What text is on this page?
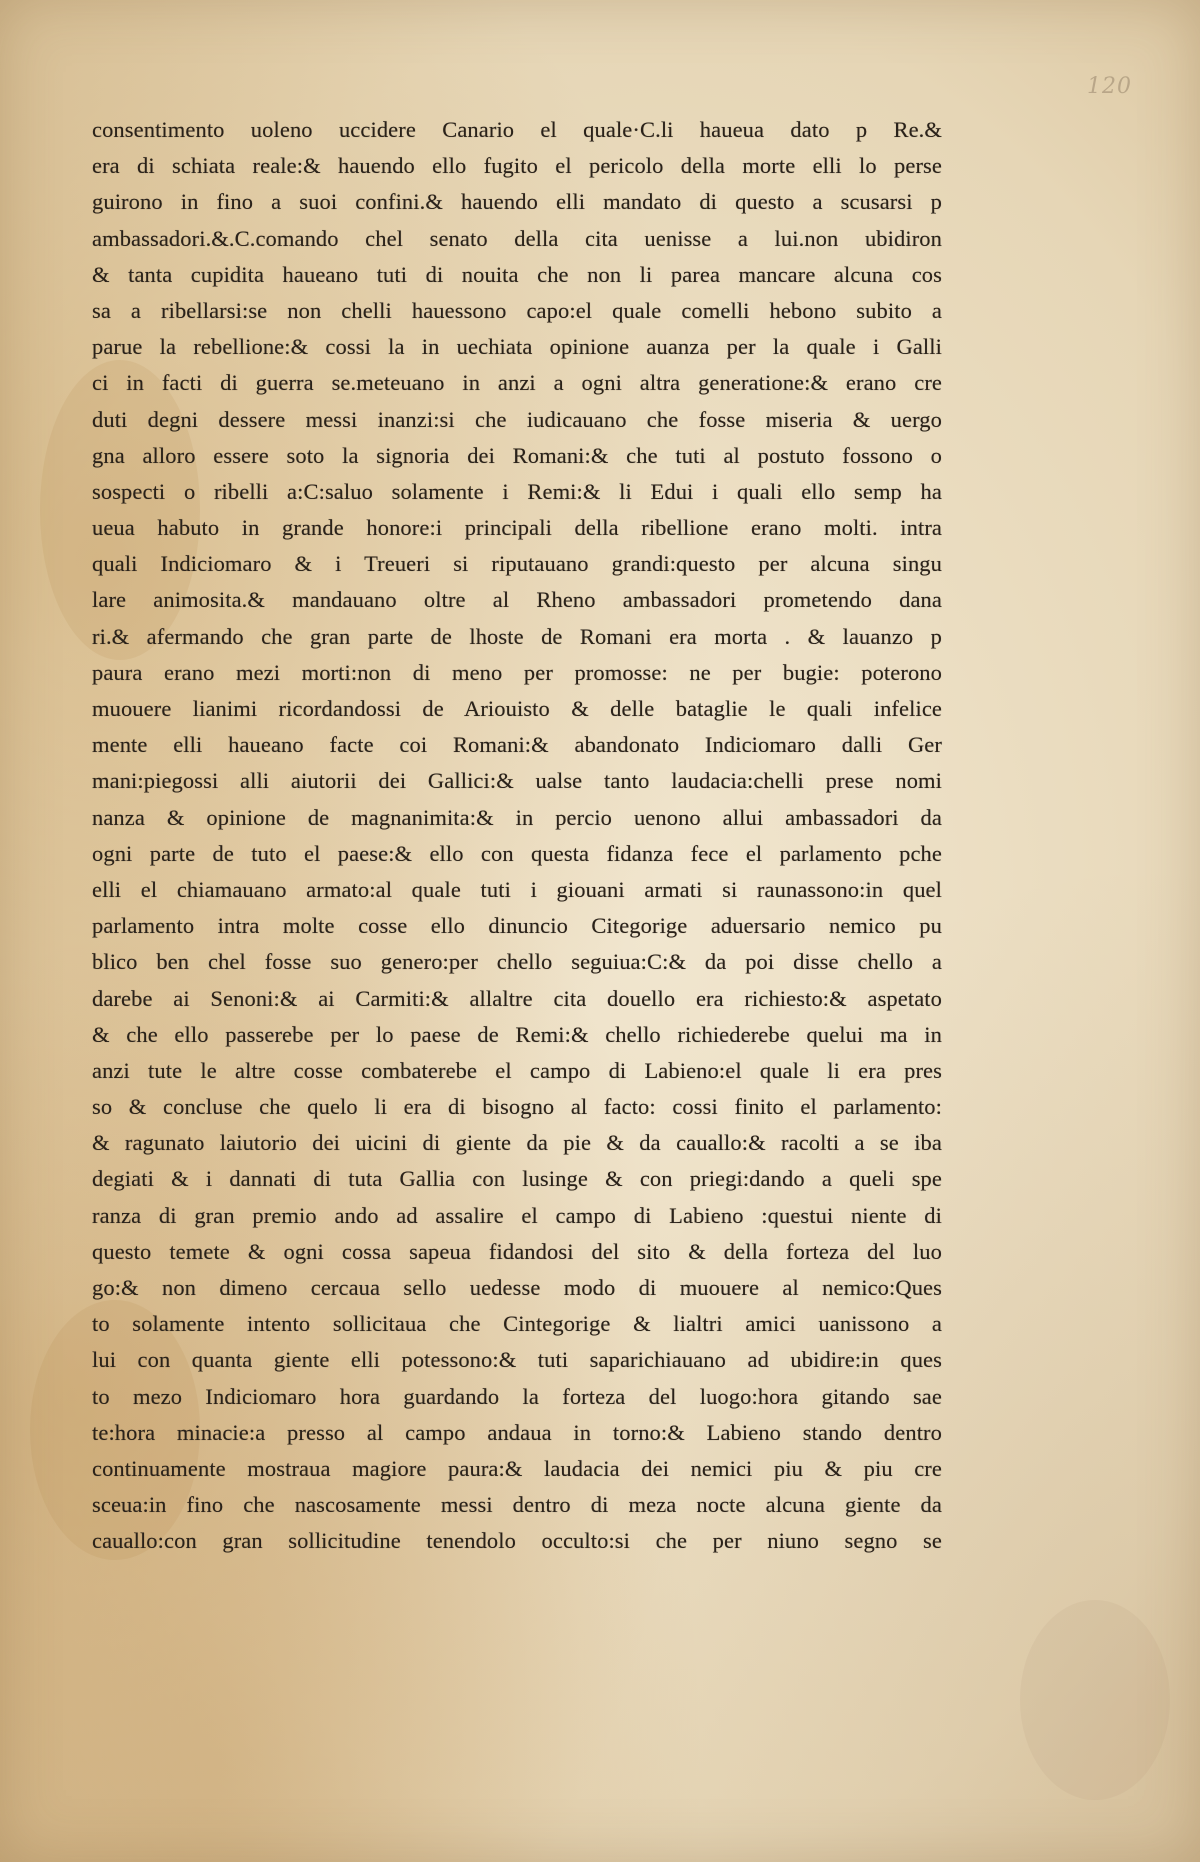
120
consentimento uoleno uccidere Canario el quale·C.li haueua dato p Re.&
era di schiata reale:& hauendo ello fugito el pericolo della morte elli lo perse
guirono in fino a suoi confini.& hauendo elli mandato di questo a scusarsi p
ambassadori.&.C.comando chel senato della cita uenisse a lui.non ubidiron
& tanta cupidita haueano tuti di nouita che non li parea mancare alcuna cos
sa a ribellarsi:se non chelli hauessono capo:el quale comelli hebono subito a
parue la rebellione:& cossi la in uechiata opinione auanza per la quale i Galli
ci in facti di guerra se.meteuano in anzi a ogni altra generatione:& erano cre
duti degni dessere messi inanzi:si che iudicauano che fosse miseria & uergo
gna alloro essere soto la signoria dei Romani:& che tuti al postuto fossono o
sospecti o ribelli a:C:saluo solamente i Remi:& li Edui i quali ello semp ha
ueua habuto in grande honore:i principali della ribellione erano molti. intra
quali Indiciomaro & i Treueri si riputauano grandi:questo per alcuna singu
lare animosita.& mandauano oltre al Rheno ambassadori prometendo dana
ri.& afermando che gran parte de lhoste de Romani era morta . & lauanzo p
paura erano mezi morti:non di meno per promosse: ne per bugie: poterono
muouere lianimi ricordandossi de Ariouisto & delle bataglie le quali infelice
mente elli haueano facte coi Romani:& abandonato Indiciomaro dalli Ger
mani:piegossi alli aiutorii dei Gallici:& ualse tanto laudacia:chelli prese nomi
nanza & opinione de magnanimita:& in percio uenono allui ambassadori da
ogni parte de tuto el paese:& ello con questa fidanza fece el parlamento pche
elli el chiamauano armato:al quale tuti i giouani armati si raunassono:in quel
parlamento intra molte cosse ello dinuncio Citegorige aduersario nemico pu
blico ben chel fosse suo genero:per chello seguiua:C:& da poi disse chello a
darebe ai Senoni:& ai Carmiti:& allaltre cita douello era richiesto:& aspetato
& che ello passerebe per lo paese de Remi:& chello richiederebe quelui ma in
anzi tute le altre cosse combaterebe el campo di Labieno:el quale li era pres
so & concluse che quelo li era di bisogno al facto: cossi finito el parlamento:
& ragunato laiutorio dei uicini di giente da pie & da cauallo:& racolti a se iba
degiati & i dannati di tuta Gallia con lusinge & con priegi:dando a queli spe
ranza di gran premio ando ad assalire el campo di Labieno :questui niente di
questo temete & ogni cossa sapeua fidandosi del sito & della forteza del luo
go:& non dimeno cercaua sello uedesse modo di muouere al nemico:Ques
to solamente intento sollicitaua che Cintegorige & lialtri amici uanissono a
lui con quanta giente elli potessono:& tuti saparichiauano ad ubidire:in ques
to mezo Indiciomaro hora guardando la forteza del luogo:hora gitando sae
te:hora minacie:a presso al campo andaua in torno:& Labieno stando dentro
continuamente mostraua magiore paura:& laudacia dei nemici piu & piu cre
sceua:in fino che nascosamente messi dentro di meza nocte alcuna giente da
cauallo:con gran sollicitudine tenendolo occulto:si che per niuno segno se
